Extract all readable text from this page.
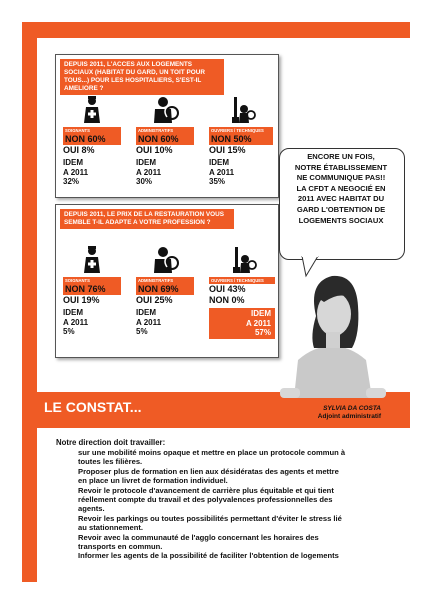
DEPUIS 2011, L'ACCES AUX LOGEMENTS SOCIAUX (HABITAT DU GARD, UN TOIT POUR TOUS...) POUR LES HOSPITALIERS, S'EST-IL AMELIORE ?
SOIGNANTS
NON 60%
OUI 8%
IDEM
A 2011
32%
ADMINISTRATIFS
NON 60%
OUI 10%
IDEM
A 2011
30%
OUVRIERS / TECHNIQUES
NON 50%
OUI 15%
IDEM
A 2011
35%
DEPUIS 2011, LE PRIX DE LA RESTAURATION VOUS SEMBLE T-IL ADAPTE A VOTRE PROFESSION ?
SOIGNANTS
NON 76%
OUI 19%
IDEM
A 2011
5%
ADMINISTRATIFS
NON 69%
OUI 25%
IDEM
A 2011
5%
OUVRIERS / TECHNIQUES
OUI 43%
NON 0%
IDEM
A 2011
57%
ENCORE UN FOIS,
NOTRE ÉTABLISSEMENT
NE COMMUNIQUE PAS!!
LA CFDT A NEGOCIÉ EN
2011 AVEC HABITAT DU
GARD L'OBTENTION DE
LOGEMENTS SOCIAUX
LE CONSTAT...	SYLVIA DA COSTA
Adjoint administratif
Notre direction doit travailler:
sur une mobilité moins opaque et mettre en place un protocole commun à
toutes les filières.
Proposer plus de formation en lien aux désidératas des agents et mettre
en place un livret de formation individuel.
Revoir le protocole d'avancement de carrière plus équitable et qui tient
réellement compte du travail et des polyvalences professionnelles des
agents.
Revoir les parkings ou toutes possibilités permettant d'éviter le stress lié
au stationnement.
Revoir avec la communauté de l'agglo concernant les horaires des
transports en commun.
Informer les agents de la possibilité de faciliter l'obtention de logements
